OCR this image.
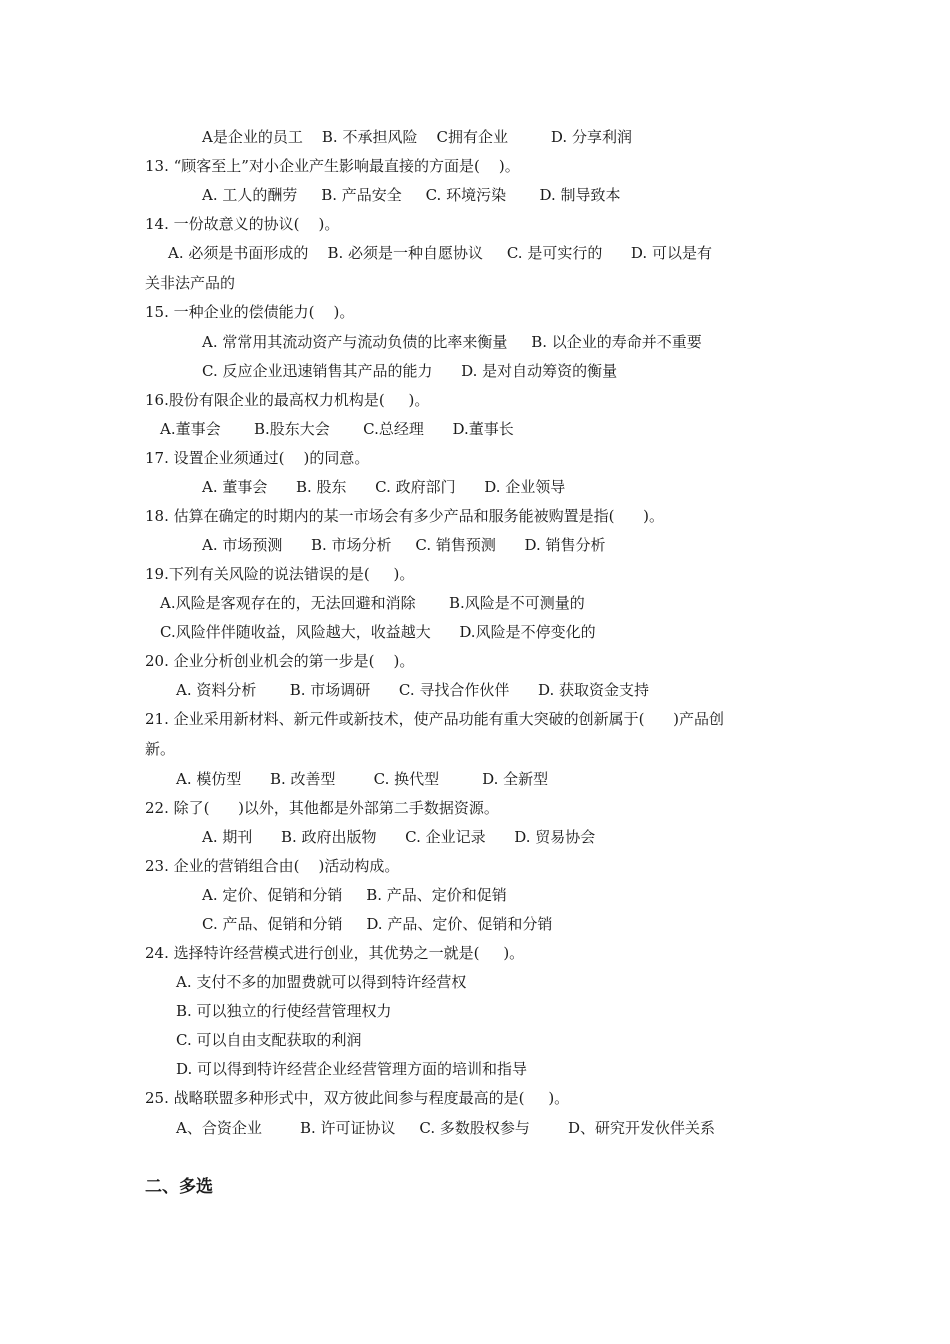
A是企业的员工    B. 不承担风险    C拥有企业         D. 分享利润
13. “顾客至上”对小企业产生影响最直接的方面是(    )。
A. 工人的酬劳     B. 产品安全     C. 环境污染       D. 制导致本
14. 一份故意义的协议(    )。
A. 必须是书面形成的    B. 必须是一种自愿协议     C. 是可实行的      D. 可以是有
关非法产品的
15. 一种企业的偿债能力(    )。
A. 常常用其流动资产与流动负债的比率来衡量     B. 以企业的寿命并不重要
C. 反应企业迅速销售其产品的能力      D. 是对自动筹资的衡量
16.股份有限企业的最高权力机构是(     )。
A.董事会       B.股东大会       C.总经理      D.董事长
17. 设置企业须通过(    )的同意。
A. 董事会      B. 股东      C. 政府部门      D. 企业领导
18. 估算在确定的时期内的某一市场会有多少产品和服务能被购置是指(      )。
A. 市场预测      B. 市场分析     C. 销售预测      D. 销售分析
19.下列有关风险的说法错误的是(     )。
A.风险是客观存在的，无法回避和消除       B.风险是不可测量的
C.风险伴伴随收益，风险越大，收益越大      D.风险是不停变化的
20. 企业分析创业机会的第一步是(    )。
A. 资料分析       B. 市场调研      C. 寻找合作伙伴      D. 获取资金支持
21. 企业采用新材料、新元件或新技术，使产品功能有重大突破的创新属于(      )产品创
新。
A. 模仿型      B. 改善型        C. 换代型         D. 全新型
22. 除了(      )以外，其他都是外部第二手数据资源。
A. 期刊      B. 政府出版物      C. 企业记录      D. 贸易协会
23. 企业的营销组合由(    )活动构成。
A. 定价、促销和分销     B. 产品、定价和促销
C. 产品、促销和分销     D. 产品、定价、促销和分销
24. 选择特许经营模式进行创业，其优势之一就是(     )。
A. 支付不多的加盟费就可以得到特许经营权
B. 可以独立的行使经营管理权力
C. 可以自由支配获取的利润
D. 可以得到特许经营企业经营管理方面的培训和指导
25. 战略联盟多种形式中，双方彼此间参与程度最高的是(     )。
A、合资企业        B. 许可证协议     C. 多数股权参与        D、研究开发伙伴关系
二、多选
